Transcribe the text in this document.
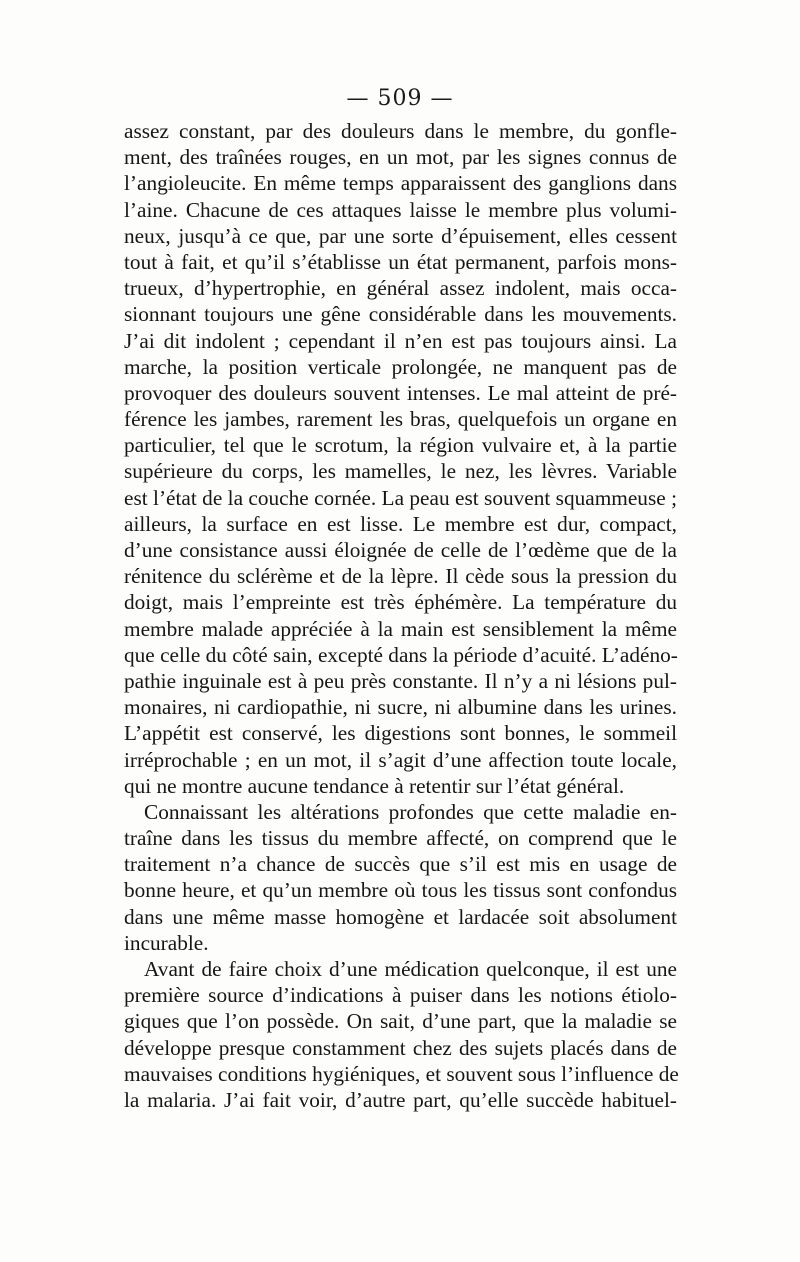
— 509 —
assez constant, par des douleurs dans le membre, du gonfle-
ment, des traînées rouges, en un mot, par les signes connus de
l’angioleucite. En même temps apparaissent des ganglions dans
l’aine. Chacune de ces attaques laisse le membre plus volumi-
neux, jusqu’à ce que, par une sorte d’épuisement, elles cessent
tout à fait, et qu’il s’établisse un état permanent, parfois mons-
trueux, d’hypertrophie, en général assez indolent, mais occa-
sionnant toujours une gêne considérable dans les mouvements.
J’ai dit indolent ; cependant il n’en est pas toujours ainsi. La
marche, la position verticale prolongée, ne manquent pas de
provoquer des douleurs souvent intenses. Le mal atteint de pré-
férence les jambes, rarement les bras, quelquefois un organe en
particulier, tel que le scrotum, la région vulvaire et, à la partie
supérieure du corps, les mamelles, le nez, les lèvres. Variable
est l’état de la couche cornée. La peau est souvent squammeuse ;
ailleurs, la surface en est lisse. Le membre est dur, compact,
d’une consistance aussi éloignée de celle de l’œdème que de la
rénitence du sclérème et de la lèpre. Il cède sous la pression du
doigt, mais l’empreinte est très éphémère. La température du
membre malade appréciée à la main est sensiblement la même
que celle du côté sain, excepté dans la période d’acuité. L’adéno-
pathie inguinale est à peu près constante. Il n’y a ni lésions pul-
monaires, ni cardiopathie, ni sucre, ni albumine dans les urines.
L’appétit est conservé, les digestions sont bonnes, le sommeil
irréprochable ; en un mot, il s’agit d’une affection toute locale,
qui ne montre aucune tendance à retentir sur l’état général.
Connaissant les altérations profondes que cette maladie en-
traîne dans les tissus du membre affecté, on comprend que le
traitement n’a chance de succès que s’il est mis en usage de
bonne heure, et qu’un membre où tous les tissus sont confondus
dans une même masse homogène et lardacée soit absolument
incurable.
Avant de faire choix d’une médication quelconque, il est une
première source d’indications à puiser dans les notions étiolo-
giques que l’on possède. On sait, d’une part, que la maladie se
développe presque constamment chez des sujets placés dans de
mauvaises conditions hygiéniques, et souvent sous l’influence de
la malaria. J’ai fait voir, d’autre part, qu’elle succède habituel-
